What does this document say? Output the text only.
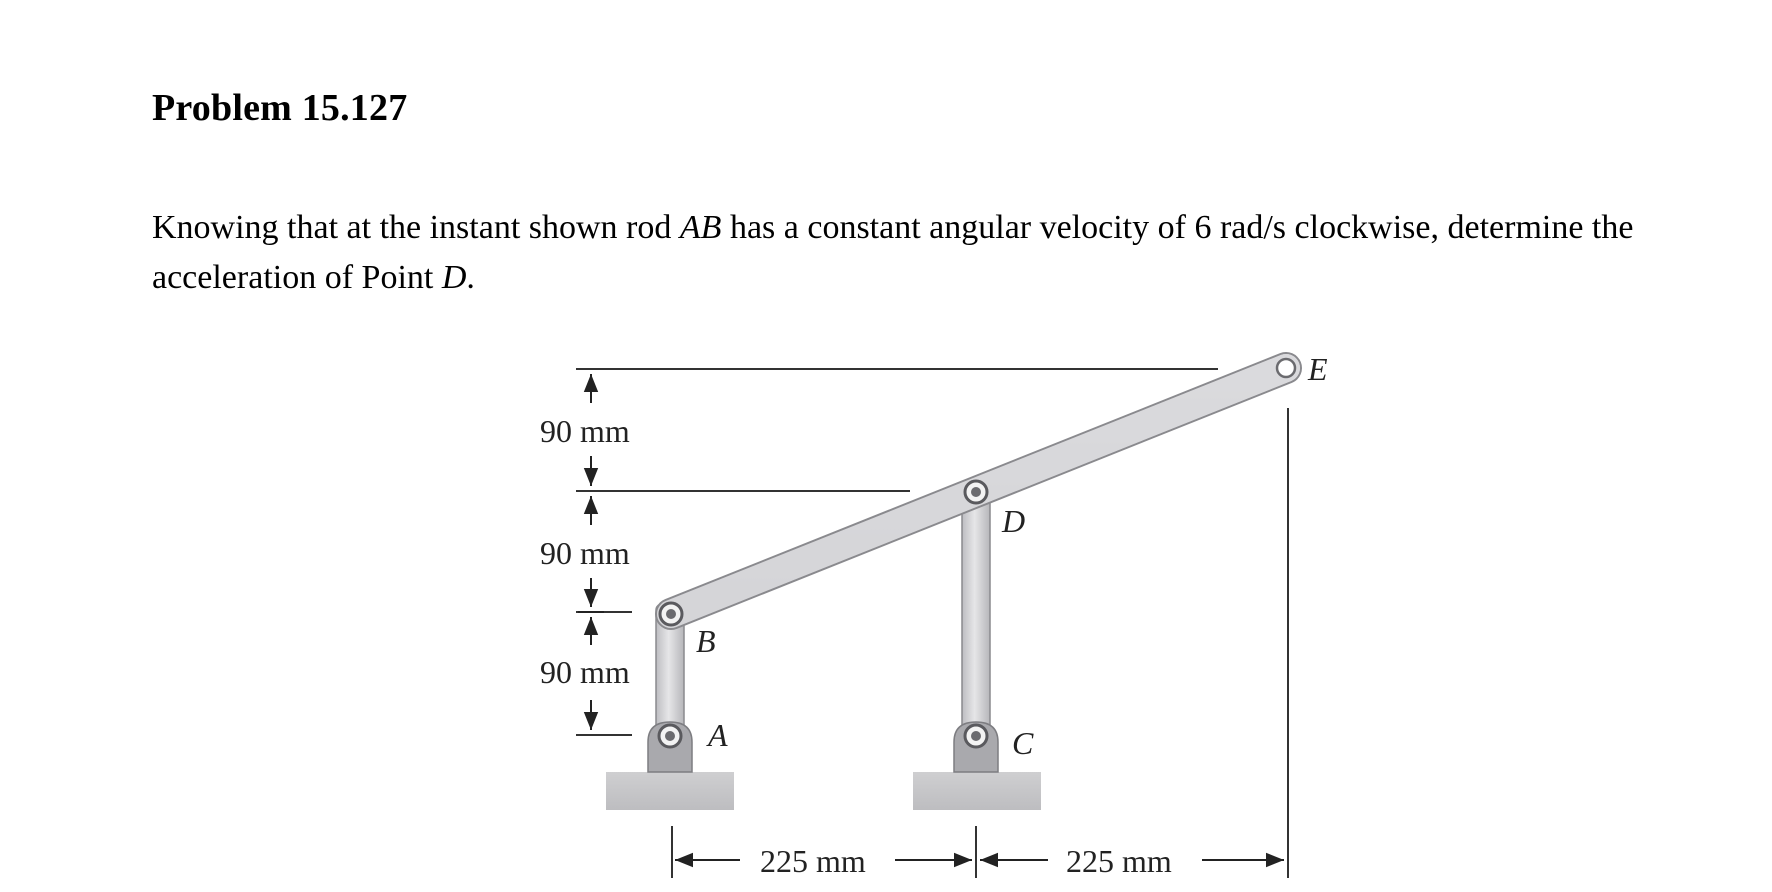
Problem 15.127

Knowing that at the instant shown rod AB has a constant angular velocity of 6 rad/s clockwise, determine the acceleration of Point D.

90 mm
90 mm
90 mm
225 mm	225 mm
E
D
B
A	C
